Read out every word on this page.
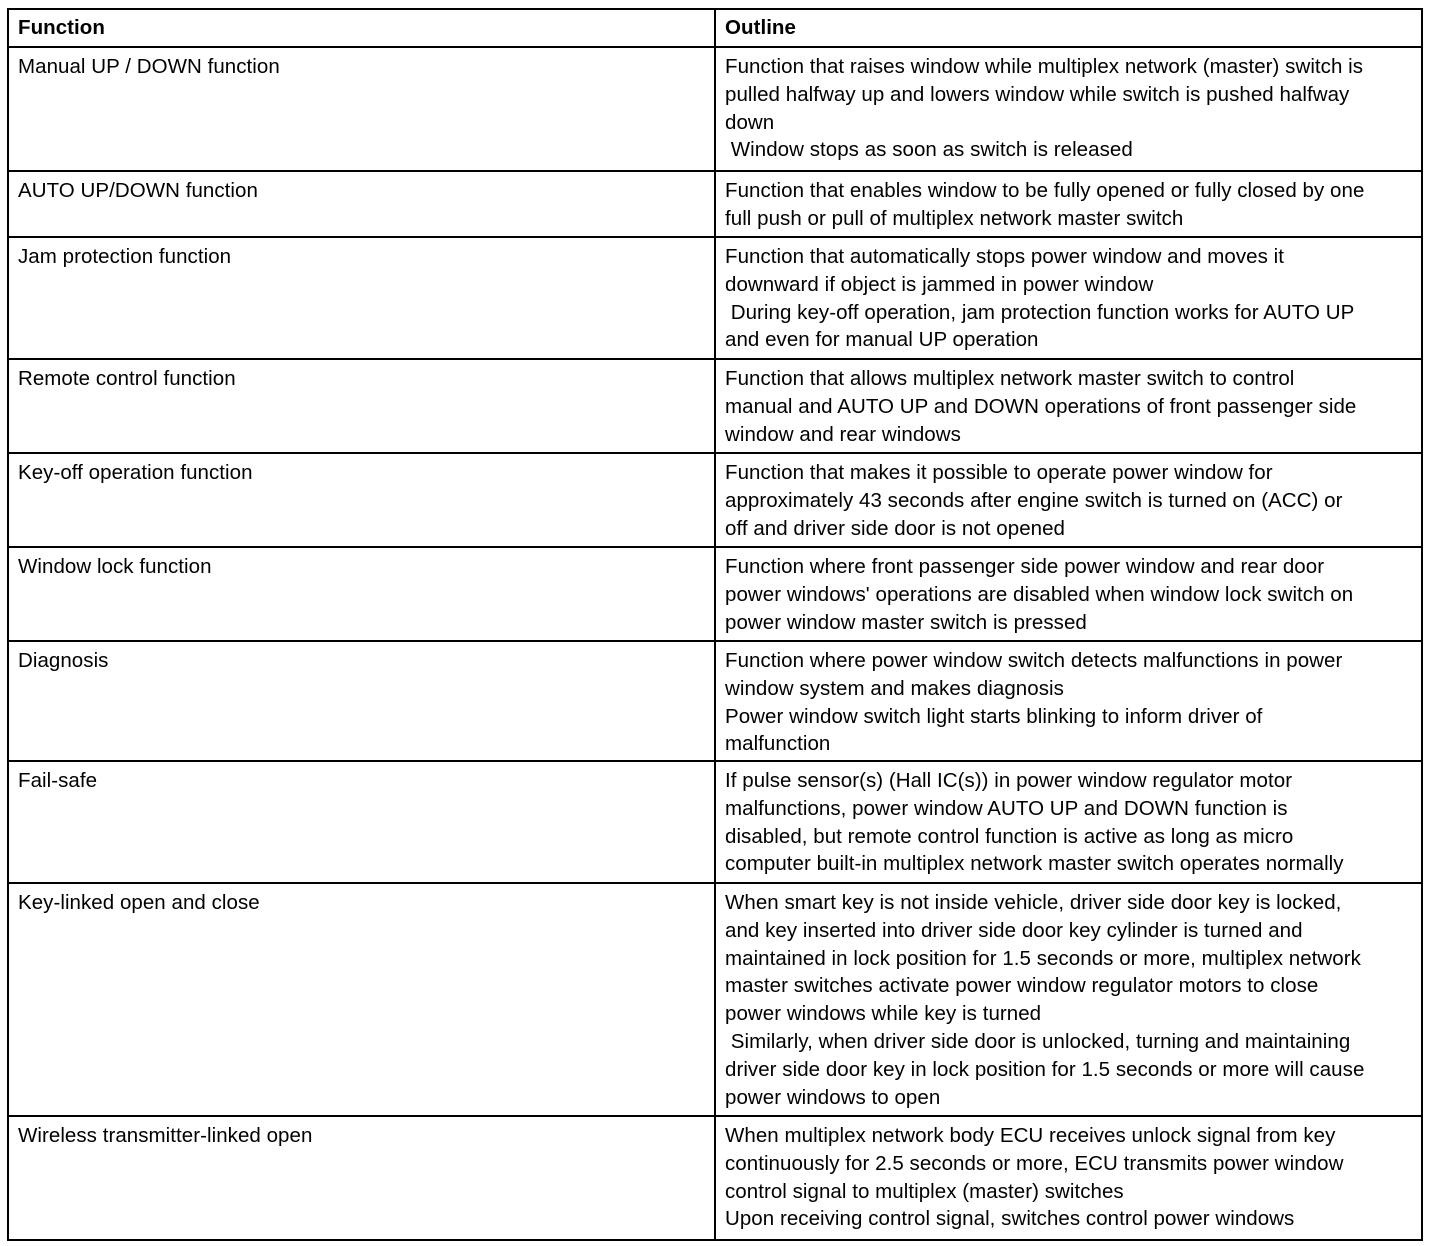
Function	Outline
Manual UP / DOWN function	Function that raises window while multiplex network (master) switch is
pulled halfway up and lowers window while switch is pushed halfway
down
Window stops as soon as switch is released
AUTO UP/DOWN function	Function that enables window to be fully opened or fully closed by one
full push or pull of multiplex network master switch
Jam protection function	Function that automatically stops power window and moves it
downward if object is jammed in power window
During key-off operation, jam protection function works for AUTO UP
and even for manual UP operation
Remote control function	Function that allows multiplex network master switch to control
manual and AUTO UP and DOWN operations of front passenger side
window and rear windows
Key-off operation function	Function that makes it possible to operate power window for
approximately 43 seconds after engine switch is turned on (ACC) or
off and driver side door is not opened
Window lock function	Function where front passenger side power window and rear door
power windows' operations are disabled when window lock switch on
power window master switch is pressed
Diagnosis	Function where power window switch detects malfunctions in power
window system and makes diagnosis
Power window switch light starts blinking to inform driver of
malfunction
Fail-safe	If pulse sensor(s) (Hall IC(s)) in power window regulator motor
malfunctions, power window AUTO UP and DOWN function is
disabled, but remote control function is active as long as micro
computer built-in multiplex network master switch operates normally
Key-linked open and close	When smart key is not inside vehicle, driver side door key is locked,
and key inserted into driver side door key cylinder is turned and
maintained in lock position for 1.5 seconds or more, multiplex network
master switches activate power window regulator motors to close
power windows while key is turned
Similarly, when driver side door is unlocked, turning and maintaining
driver side door key in lock position for 1.5 seconds or more will cause
power windows to open
Wireless transmitter-linked open	When multiplex network body ECU receives unlock signal from key
continuously for 2.5 seconds or more, ECU transmits power window
control signal to multiplex (master) switches
Upon receiving control signal, switches control power windows
